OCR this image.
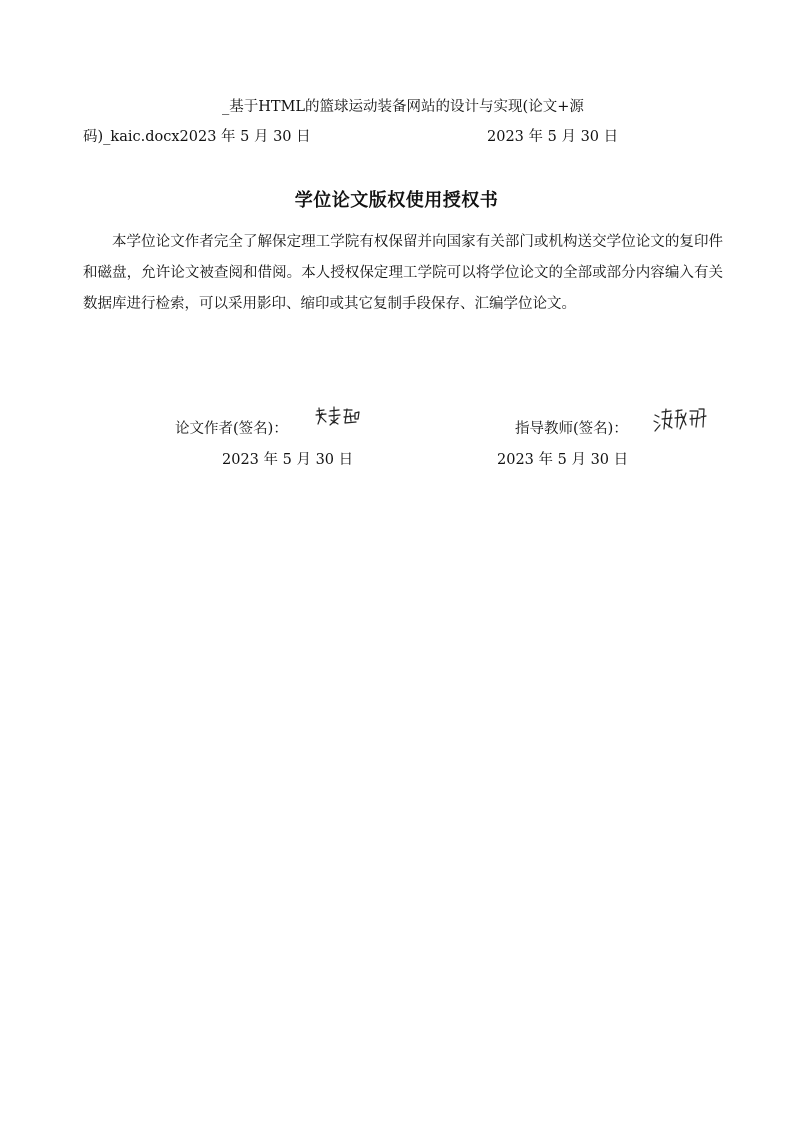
_基于HTML的篮球运动装备网站的设计与实现(论文+源
码)_kaic.docx2023 年 5 月 30 日	2023 年 5 月 30 日
学位论文版权使用授权书

本学位论文作者完全了解保定理工学院有权保留并向国家有关部门或机构送交学位论文的复印件和磁盘，允许论文被查阅和借阅。本人授权保定理工学院可以将学位论文的全部或部分内容编入有关数据库进行检索，可以采用影印、缩印或其它复制手段保存、汇编学位论文。

论文作者(签名)：	指导教师(签名)：
2023 年 5 月 30 日	2023 年 5 月 30 日
